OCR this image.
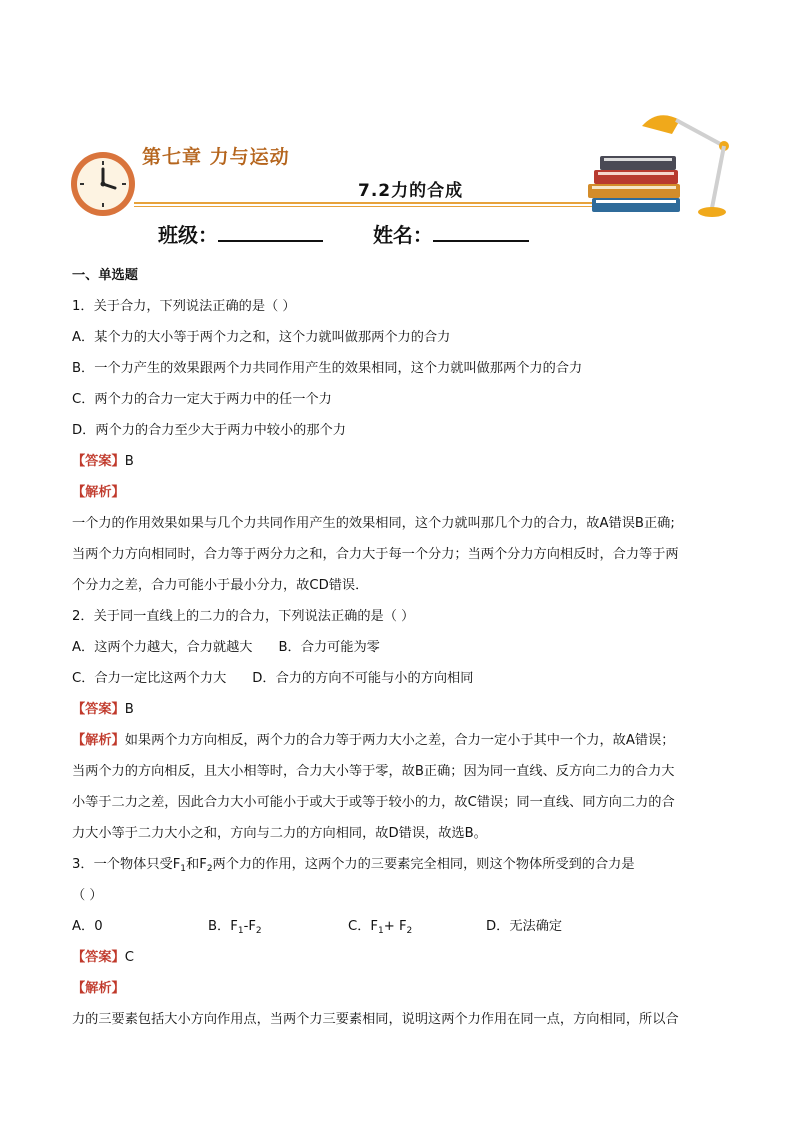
第七章 力与运动
7.2力的合成
班级：	姓名：

一、单选题

1．关于合力，下列说法正确的是（ ）

A．某个力的大小等于两个力之和，这个力就叫做那两个力的合力

B．一个力产生的效果跟两个力共同作用产生的效果相同，这个力就叫做那两个力的合力

C．两个力的合力一定大于两力中的任一个力

D．两个力的合力至少大于两力中较小的那个力

【答案】B

【解析】

一个力的作用效果如果与几个力共同作用产生的效果相同，这个力就叫那几个力的合力，故A错误B正确;

当两个力方向相同时，合力等于两分力之和，合力大于每一个分力；当两个分力方向相反时，合力等于两

个分力之差，合力可能小于最小分力，故CD错误．

2．关于同一直线上的二力的合力，下列说法正确的是（ ）

A．这两个力越大，合力就越大 B．合力可能为零

C．合力一定比这两个力大 D．合力的方向不可能与小的方向相同

【答案】B

【解析】如果两个力方向相反，两个力的合力等于两力大小之差，合力一定小于其中一个力，故A错误；

当两个力的方向相反，且大小相等时，合力大小等于零，故B正确；因为同一直线、反方向二力的合力大

小等于二力之差，因此合力大小可能小于或大于或等于较小的力，故C错误；同一直线、同方向二力的合

力大小等于二力大小之和，方向与二力的方向相同，故D错误，故选B。

3．一个物体只受$F_1$和$F_2$两个力的作用，这两个力的三要素完全相同，则这个物体所受到的合力是

（ ）

A．0	B．$F_1-F_2$	C．$F_1+ F_2$	D．无法确定

【答案】C

【解析】

力的三要素包括大小方向作用点，当两个力三要素相同，说明这两个力作用在同一点，方向相同，所以合
